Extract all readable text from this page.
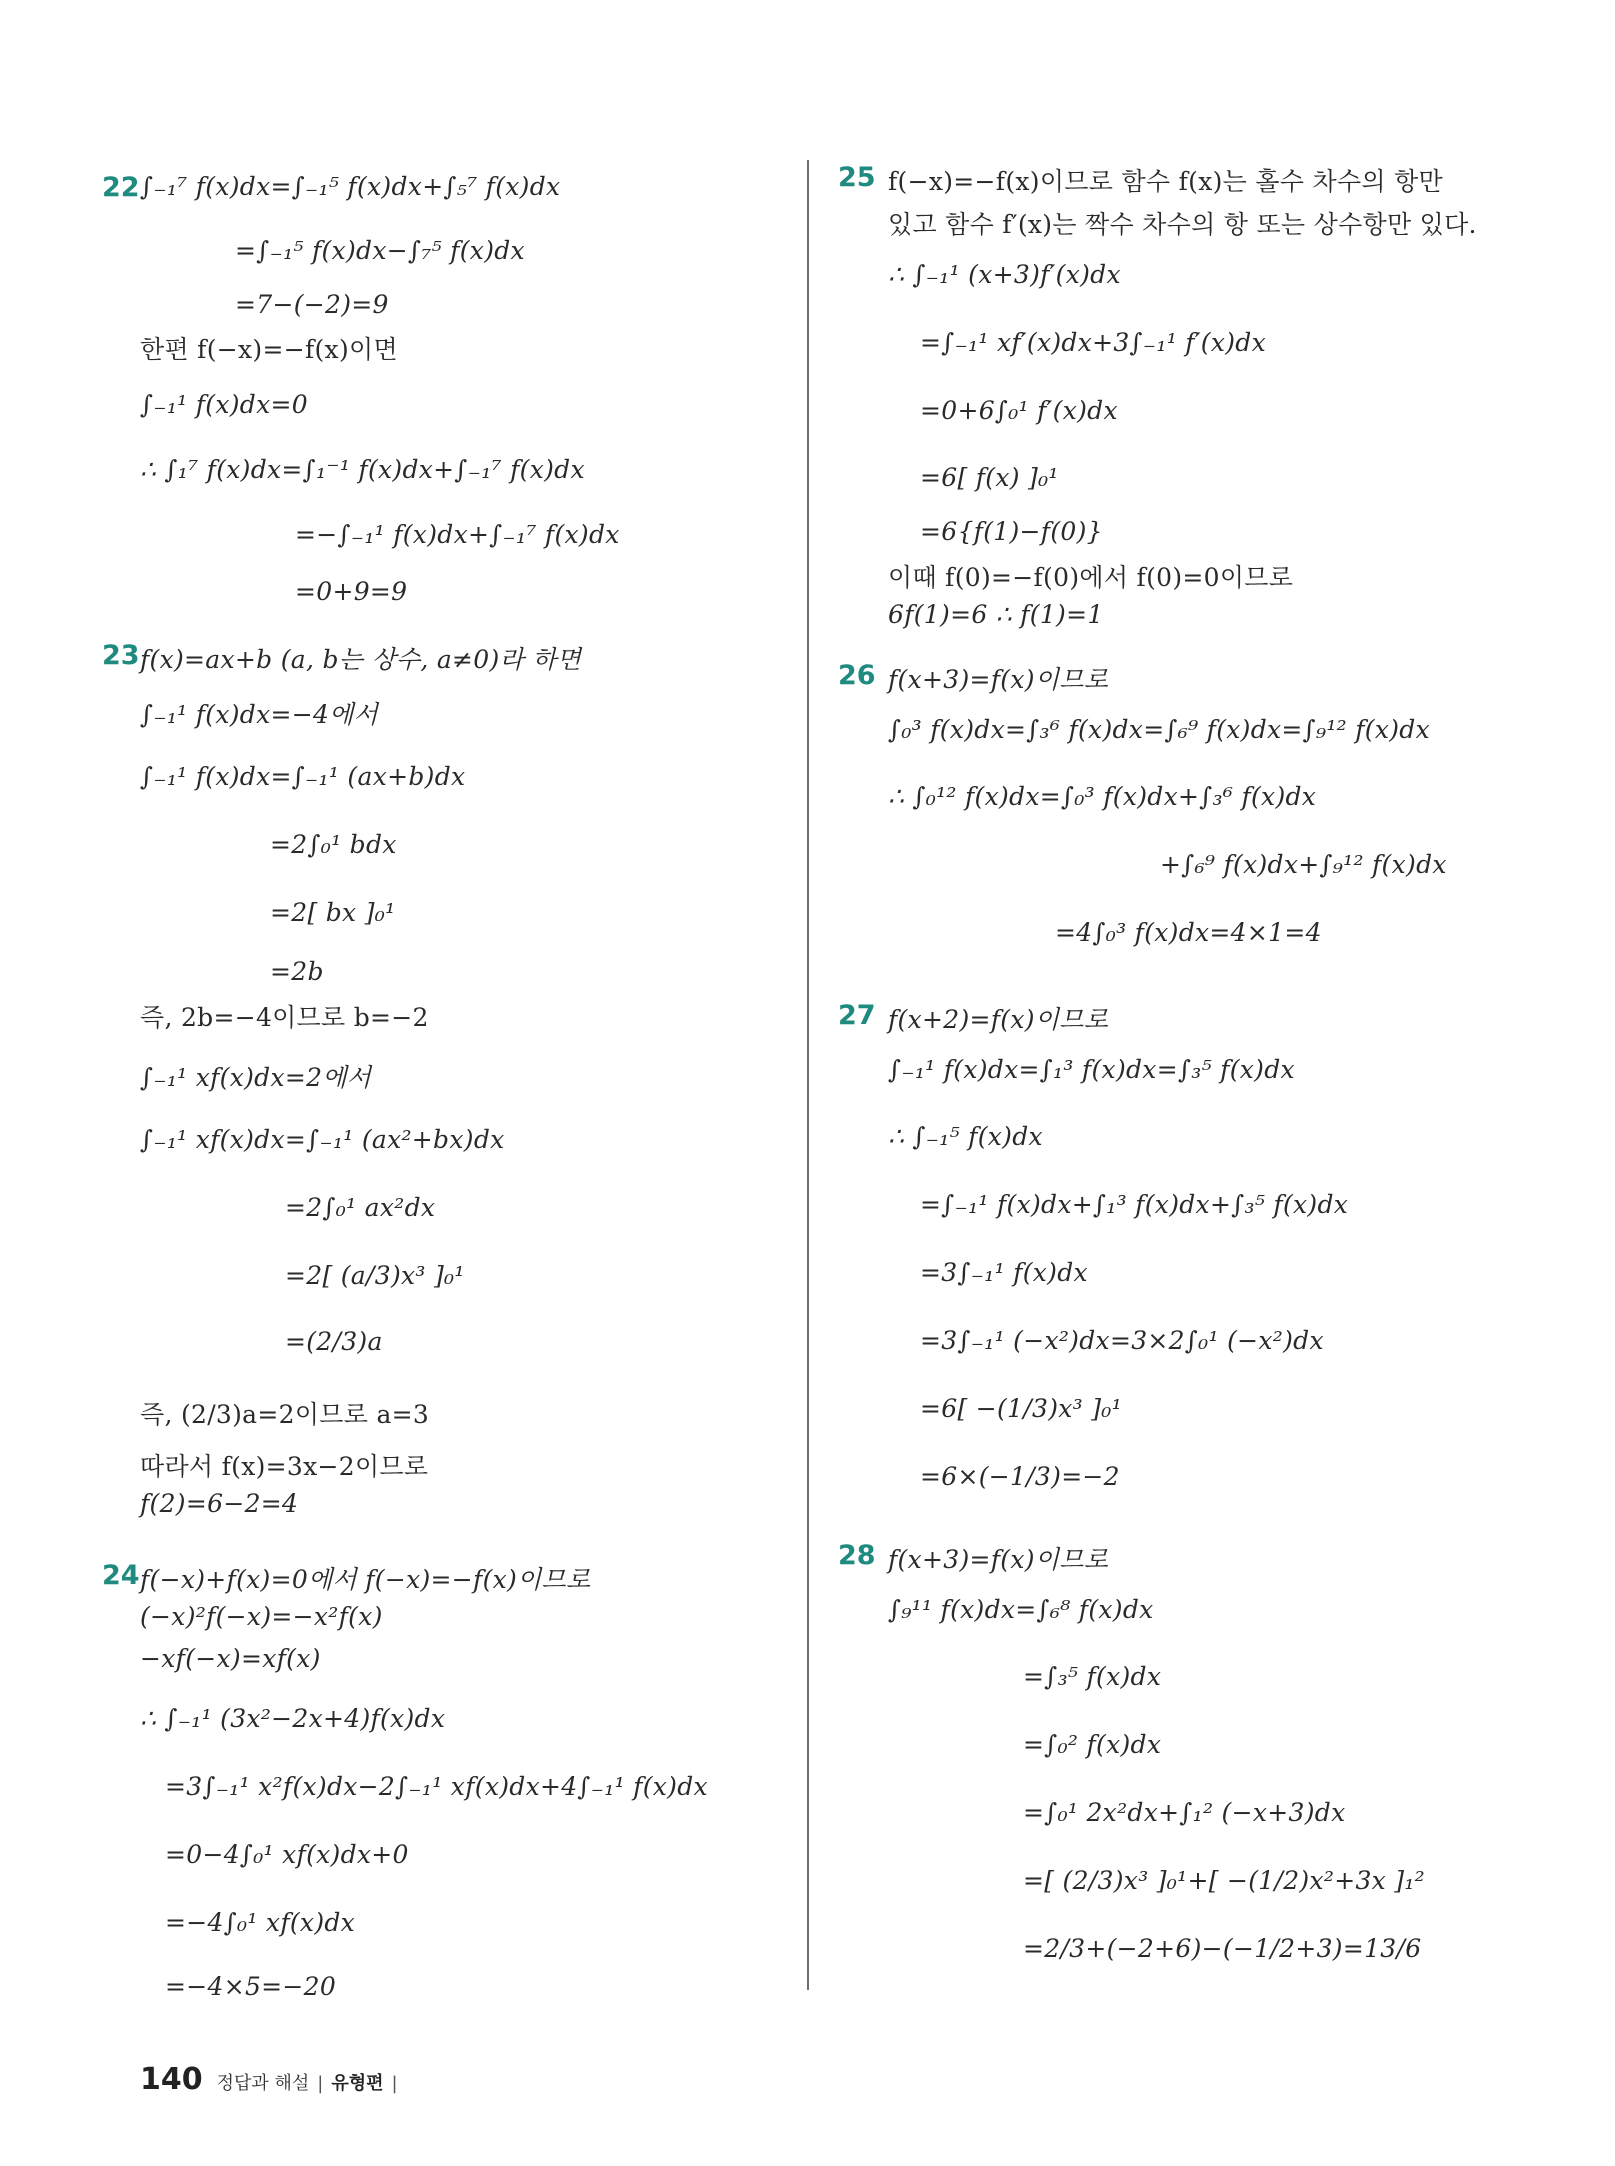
22 ∫₋₁⁷ f(x)dx=∫₋₁⁵ f(x)dx+∫₅⁷ f(x)dx
=∫₋₁⁵ f(x)dx−∫₇⁵ f(x)dx
=7−(−2)=9
한편 f(−x)=−f(x)이면
∫₋₁¹ f(x)dx=0
∴ ∫₁⁷ f(x)dx=∫₁⁻¹ f(x)dx+∫₋₁⁷ f(x)dx
=−∫₋₁¹ f(x)dx+∫₋₁⁷ f(x)dx
=0+9=9
23 f(x)=ax+b (a, b는 상수, a≠0)라 하면
∫₋₁¹ f(x)dx=−4에서
∫₋₁¹ f(x)dx=∫₋₁¹ (ax+b)dx
=2∫₀¹ bdx
=2[ bx ]₀¹
=2b
즉, 2b=−4이므로 b=−2
∫₋₁¹ xf(x)dx=2에서
∫₋₁¹ xf(x)dx=∫₋₁¹ (ax²+bx)dx
=2∫₀¹ ax²dx
=2[ (a/3)x³ ]₀¹
=(2/3)a
즉, (2/3)a=2이므로 a=3
따라서 f(x)=3x−2이므로
f(2)=6−2=4
24 f(−x)+f(x)=0에서 f(−x)=−f(x)이므로
(−x)²f(−x)=−x²f(x)
−xf(−x)=xf(x)
∴ ∫₋₁¹ (3x²−2x+4)f(x)dx
=3∫₋₁¹ x²f(x)dx−2∫₋₁¹ xf(x)dx+4∫₋₁¹ f(x)dx
=0−4∫₀¹ xf(x)dx+0
=−4∫₀¹ xf(x)dx
=−4×5=−20
25 f(−x)=−f(x)이므로 함수 f(x)는 홀수 차수의 항만
있고 함수 f′(x)는 짝수 차수의 항 또는 상수항만 있다.
∴ ∫₋₁¹ (x+3)f′(x)dx
=∫₋₁¹ xf′(x)dx+3∫₋₁¹ f′(x)dx
=0+6∫₀¹ f′(x)dx
=6[ f(x) ]₀¹
=6{f(1)−f(0)}
이때 f(0)=−f(0)에서 f(0)=0이므로
6f(1)=6 ∴ f(1)=1
26 f(x+3)=f(x)이므로
∫₀³ f(x)dx=∫₃⁶ f(x)dx=∫₆⁹ f(x)dx=∫₉¹² f(x)dx
∴ ∫₀¹² f(x)dx=∫₀³ f(x)dx+∫₃⁶ f(x)dx
+∫₆⁹ f(x)dx+∫₉¹² f(x)dx
=4∫₀³ f(x)dx=4×1=4
27 f(x+2)=f(x)이므로
∫₋₁¹ f(x)dx=∫₁³ f(x)dx=∫₃⁵ f(x)dx
∴ ∫₋₁⁵ f(x)dx
=∫₋₁¹ f(x)dx+∫₁³ f(x)dx+∫₃⁵ f(x)dx
=3∫₋₁¹ f(x)dx
=3∫₋₁¹ (−x²)dx=3×2∫₀¹ (−x²)dx
=6[ −(1/3)x³ ]₀¹
=6×(−1/3)=−2
28 f(x+3)=f(x)이므로
∫₉¹¹ f(x)dx=∫₆⁸ f(x)dx
=∫₃⁵ f(x)dx
=∫₀² f(x)dx
=∫₀¹ 2x²dx+∫₁² (−x+3)dx
=[ (2/3)x³ ]₀¹+[ −(1/2)x²+3x ]₁²
=2/3+(−2+6)−(−1/2+3)=13/6
140 정답과 해설 | 유형편 |
